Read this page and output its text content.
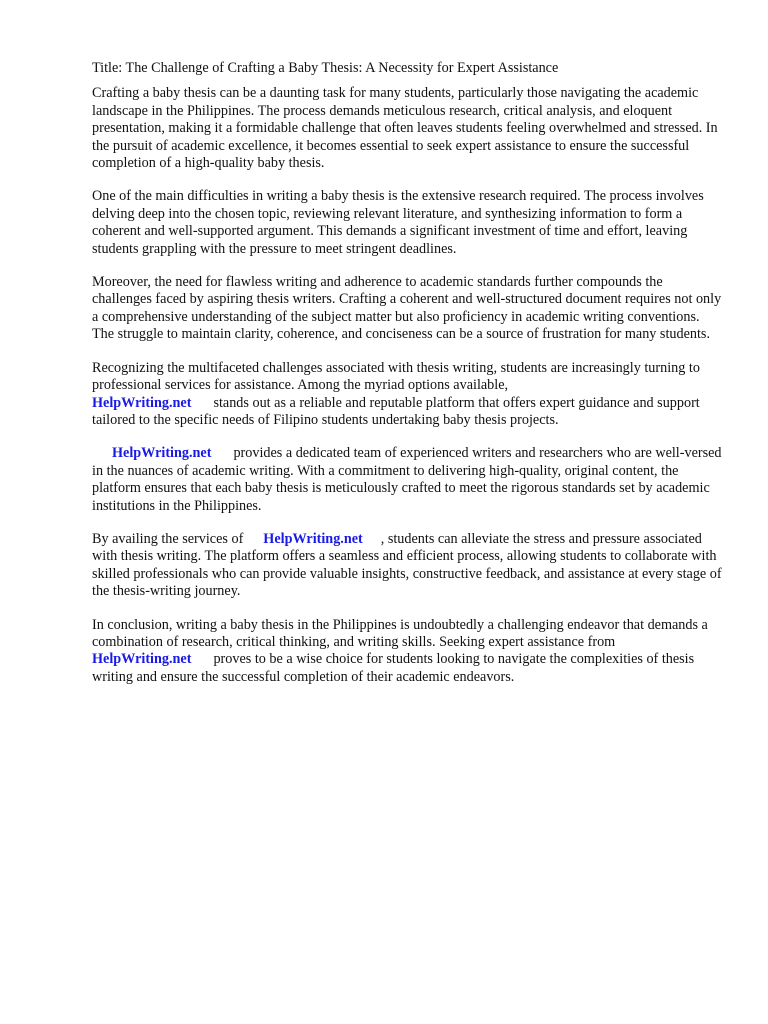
Title: The Challenge of Crafting a Baby Thesis: A Necessity for Expert Assistance

Crafting a baby thesis can be a daunting task for many students, particularly those navigating the academic landscape in the Philippines. The process demands meticulous research, critical analysis, and eloquent presentation, making it a formidable challenge that often leaves students feeling overwhelmed and stressed. In the pursuit of academic excellence, it becomes essential to seek expert assistance to ensure the successful completion of a high-quality baby thesis.

One of the main difficulties in writing a baby thesis is the extensive research required. The process involves delving deep into the chosen topic, reviewing relevant literature, and synthesizing information to form a coherent and well-supported argument. This demands a significant investment of time and effort, leaving students grappling with the pressure to meet stringent deadlines.

Moreover, the need for flawless writing and adherence to academic standards further compounds the challenges faced by aspiring thesis writers. Crafting a coherent and well-structured document requires not only a comprehensive understanding of the subject matter but also proficiency in academic writing conventions. The struggle to maintain clarity, coherence, and conciseness can be a source of frustration for many students.

Recognizing the multifaceted challenges associated with thesis writing, students are increasingly turning to professional services for assistance. Among the myriad options available,
HelpWriting.net stands out as a reliable and reputable platform that offers expert guidance and support tailored to the specific needs of Filipino students undertaking baby thesis projects.

HelpWriting.net provides a dedicated team of experienced writers and researchers who are well-versed in the nuances of academic writing. With a commitment to delivering high-quality, original content, the platform ensures that each baby thesis is meticulously crafted to meet the rigorous standards set by academic institutions in the Philippines.

By availing the services of HelpWriting.net , students can alleviate the stress and pressure associated with thesis writing. The platform offers a seamless and efficient process, allowing students to collaborate with skilled professionals who can provide valuable insights, constructive feedback, and assistance at every stage of the thesis-writing journey.

In conclusion, writing a baby thesis in the Philippines is undoubtedly a challenging endeavor that demands a combination of research, critical thinking, and writing skills. Seeking expert assistance fromHelpWriting.net proves to be a wise choice for students looking to navigate the complexities of thesis writing and ensure the successful completion of their academic endeavors.
